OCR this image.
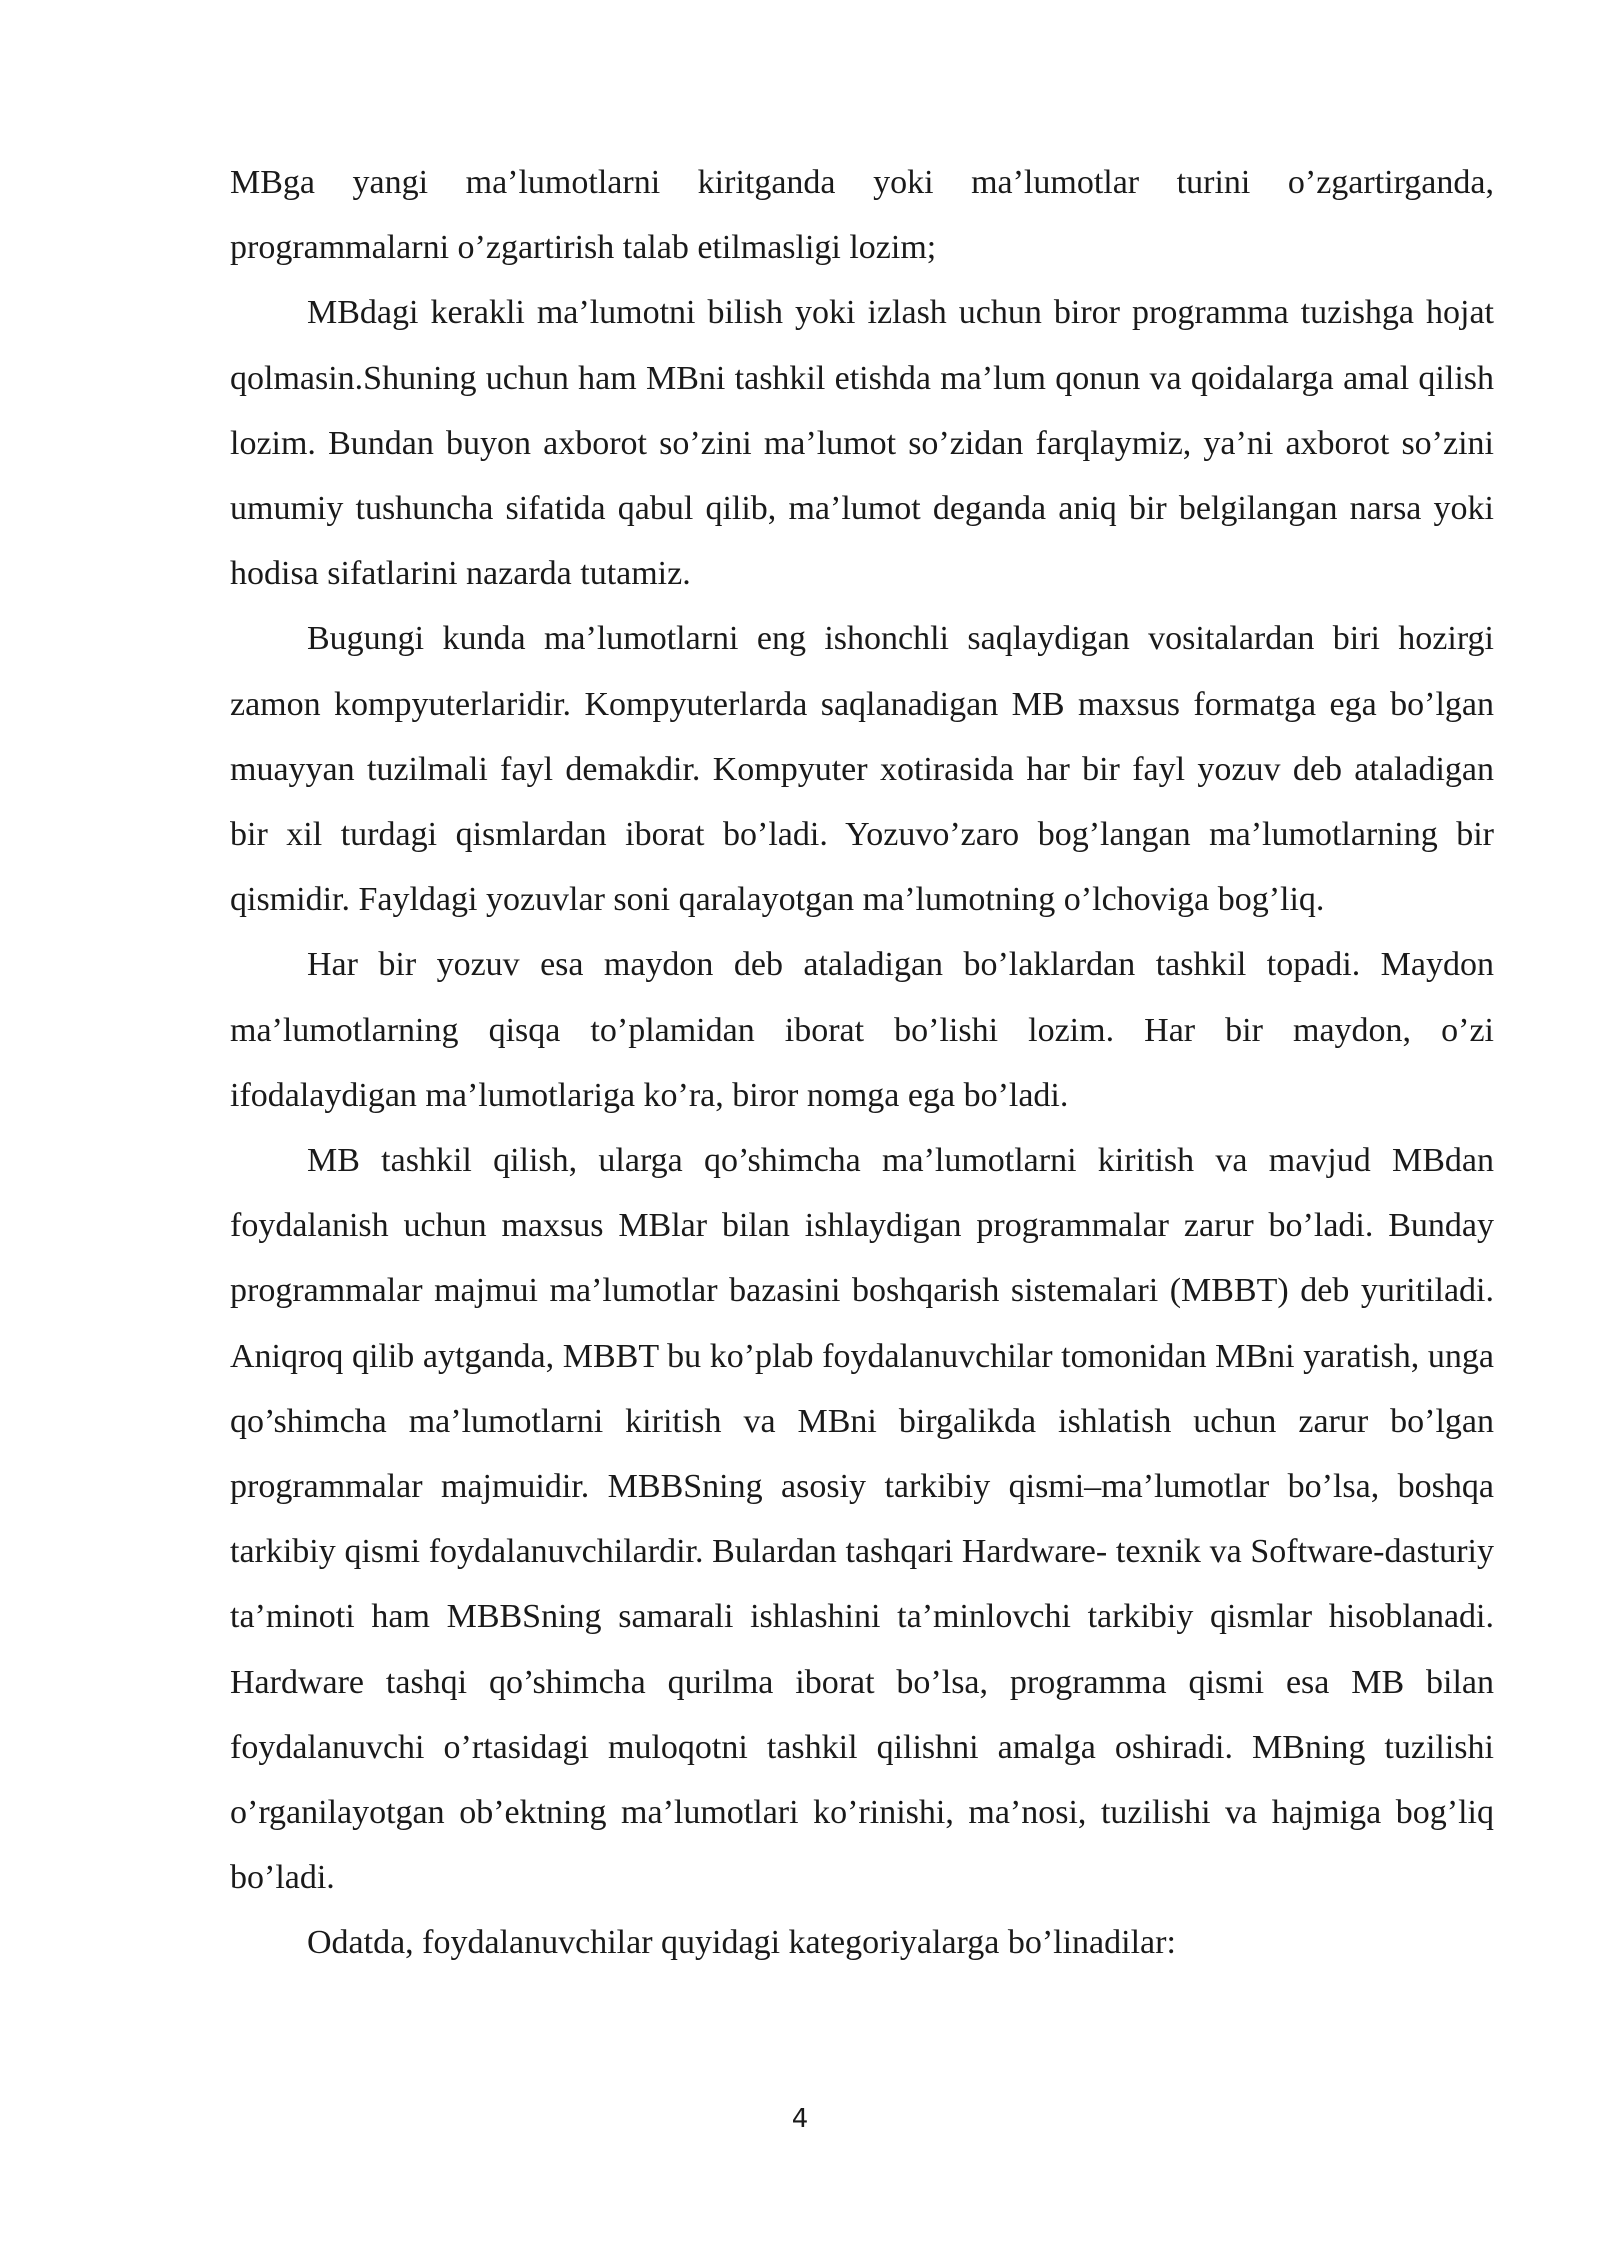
MBga yangi ma’lumotlarni kiritganda yoki ma’lumotlar turini o’zgartirganda, programmalarni o’zgartirish talab etilmasligi lozim;

MBdagi kerakli ma’lumotni bilish yoki izlash uchun biror programma tuzishga hojat qolmasin.Shuning uchun ham MBni tashkil etishda ma’lum qonun va qoidalarga amal qilish lozim. Bundan buyon axborot so’zini ma’lumot so’zidan farqlaymiz, ya’ni axborot so’zini umumiy tushuncha sifatida qabul qilib, ma’lumot deganda aniq bir belgilangan narsa yoki hodisa sifatlarini nazarda tutamiz.

Bugungi kunda ma’lumotlarni eng ishonchli saqlaydigan vositalardan biri hozirgi zamon kompyuterlaridir. Kompyuterlarda saqlanadigan MB maxsus formatga ega bo’lgan muayyan tuzilmali fayl demakdir. Kompyuter xotirasida har bir fayl yozuv deb ataladigan bir xil turdagi qismlardan iborat bo’ladi. Yozuvo’zaro bog’langan ma’lumotlarning bir qismidir. Fayldagi yozuvlar soni qaralayotgan ma’lumotning o’lchoviga bog’liq.

Har bir yozuv esa maydon deb ataladigan bo’laklardan tashkil topadi. Maydon ma’lumotlarning qisqa to’plamidan iborat bo’lishi lozim. Har bir maydon, o’zi ifodalaydigan ma’lumotlariga ko’ra, biror nomga ega bo’ladi.

MB tashkil qilish, ularga qo’shimcha ma’lumotlarni kiritish va mavjud MBdan foydalanish uchun maxsus MBlar bilan ishlaydigan programmalar zarur bo’ladi. Bunday programmalar majmui ma’lumotlar bazasini boshqarish sistemalari (MBBT) deb yuritiladi. Aniqroq qilib aytganda, MBBT bu ko’plab foydalanuvchilar tomonidan MBni yaratish, unga qo’shimcha ma’lumotlarni kiritish va MBni birgalikda ishlatish uchun zarur bo’lgan programmalar majmuidir. MBBSning asosiy tarkibiy qismi–ma’lumotlar bo’lsa, boshqa tarkibiy qismi foydalanuvchilardir. Bulardan tashqari Hardware- texnik va Software-dasturiy ta’minoti ham MBBSning samarali ishlashini ta’minlovchi tarkibiy qismlar hisoblanadi. Hardware tashqi qo’shimcha qurilma iborat bo’lsa, programma qismi esa MB bilan foydalanuvchi o’rtasidagi muloqotni tashkil qilishni amalga oshiradi. MBning tuzilishi o’rganilayotgan ob’ektning ma’lumotlari ko’rinishi, ma’nosi, tuzilishi va hajmiga bog’liq bo’ladi.

Odatda, foydalanuvchilar quyidagi kategoriyalarga bo’linadilar:

4
